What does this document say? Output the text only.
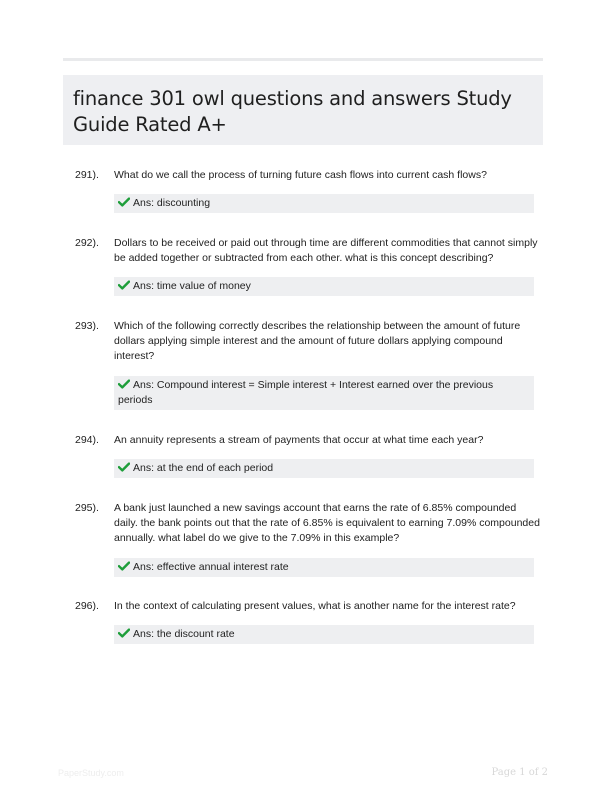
finance 301 owl questions and answers Study Guide Rated A+
291). What do we call the process of turning future cash flows into current cash flows?
Ans: discounting
292). Dollars to be received or paid out through time are different commodities that cannot simply be added together or subtracted from each other. what is this concept describing?
Ans: time value of money
293). Which of the following correctly describes the relationship between the amount of future dollars applying simple interest and the amount of future dollars applying compound interest?
Ans: Compound interest = Simple interest + Interest earned over the previous periods
294). An annuity represents a stream of payments that occur at what time each year?
Ans: at the end of each period
295). A bank just launched a new savings account that earns the rate of 6.85% compounded daily. the bank points out that the rate of 6.85% is equivalent to earning 7.09% compounded annually. what label do we give to the 7.09% in this example?
Ans: effective annual interest rate
296). In the context of calculating present values, what is another name for the interest rate?
Ans: the discount rate
PaperStudy.com	Page 1 of 2
